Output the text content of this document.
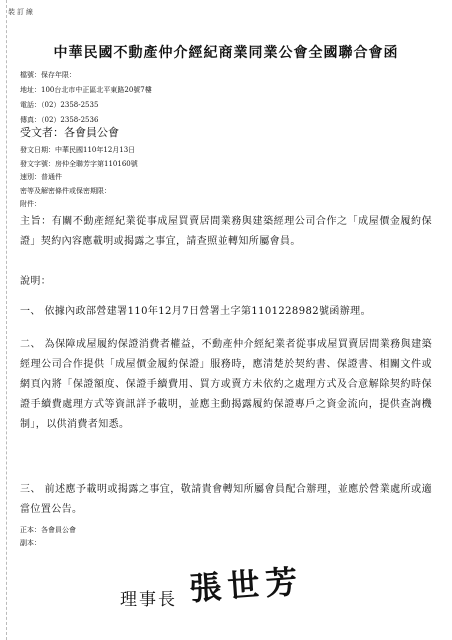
裝訂線
中華民國不動產仲介經紀商業同業公會全國聯合會函
檔號：保存年限：
地址：100台北市中正區北平東路20號7樓
電話：（02）2358-2535
傳真：（02）2358-2536
受文者：各會員公會
發文日期：中華民國110年12月13日
發文字號：房仲全聯芳字第110160號
速別：普通件
密等及解密條件或保密期限：
附件：
主旨：有關不動產經紀業從事成屋買賣居間業務與建築經理公司合作之「成屋價金履約保證」契約內容應載明或揭露之事宜，請查照並轉知所屬會員。
說明：
一、 依據內政部營建署110年12月7日營署土字第1101228982號函辦理。
二、 為保障成屋履約保證消費者權益，不動產仲介經紀業者從事成屋買賣居間業務與建築經理公司合作提供「成屋價金履約保證」服務時，應清楚於契約書、保證書、相關文件或網頁內將「保證額度、保證手續費用、買方或賣方未依約之處理方式及合意解除契約時保證手續費處理方式等資訊詳予載明，並應主動揭露履約保證專戶之資金流向，提供查詢機制」，以供消費者知悉。
三、 前述應予載明或揭露之事宜，敬請貴會轉知所屬會員配合辦理，並應於營業處所或適當位置公告。
正本：各會員公會
副本：
理事長 張世芳
